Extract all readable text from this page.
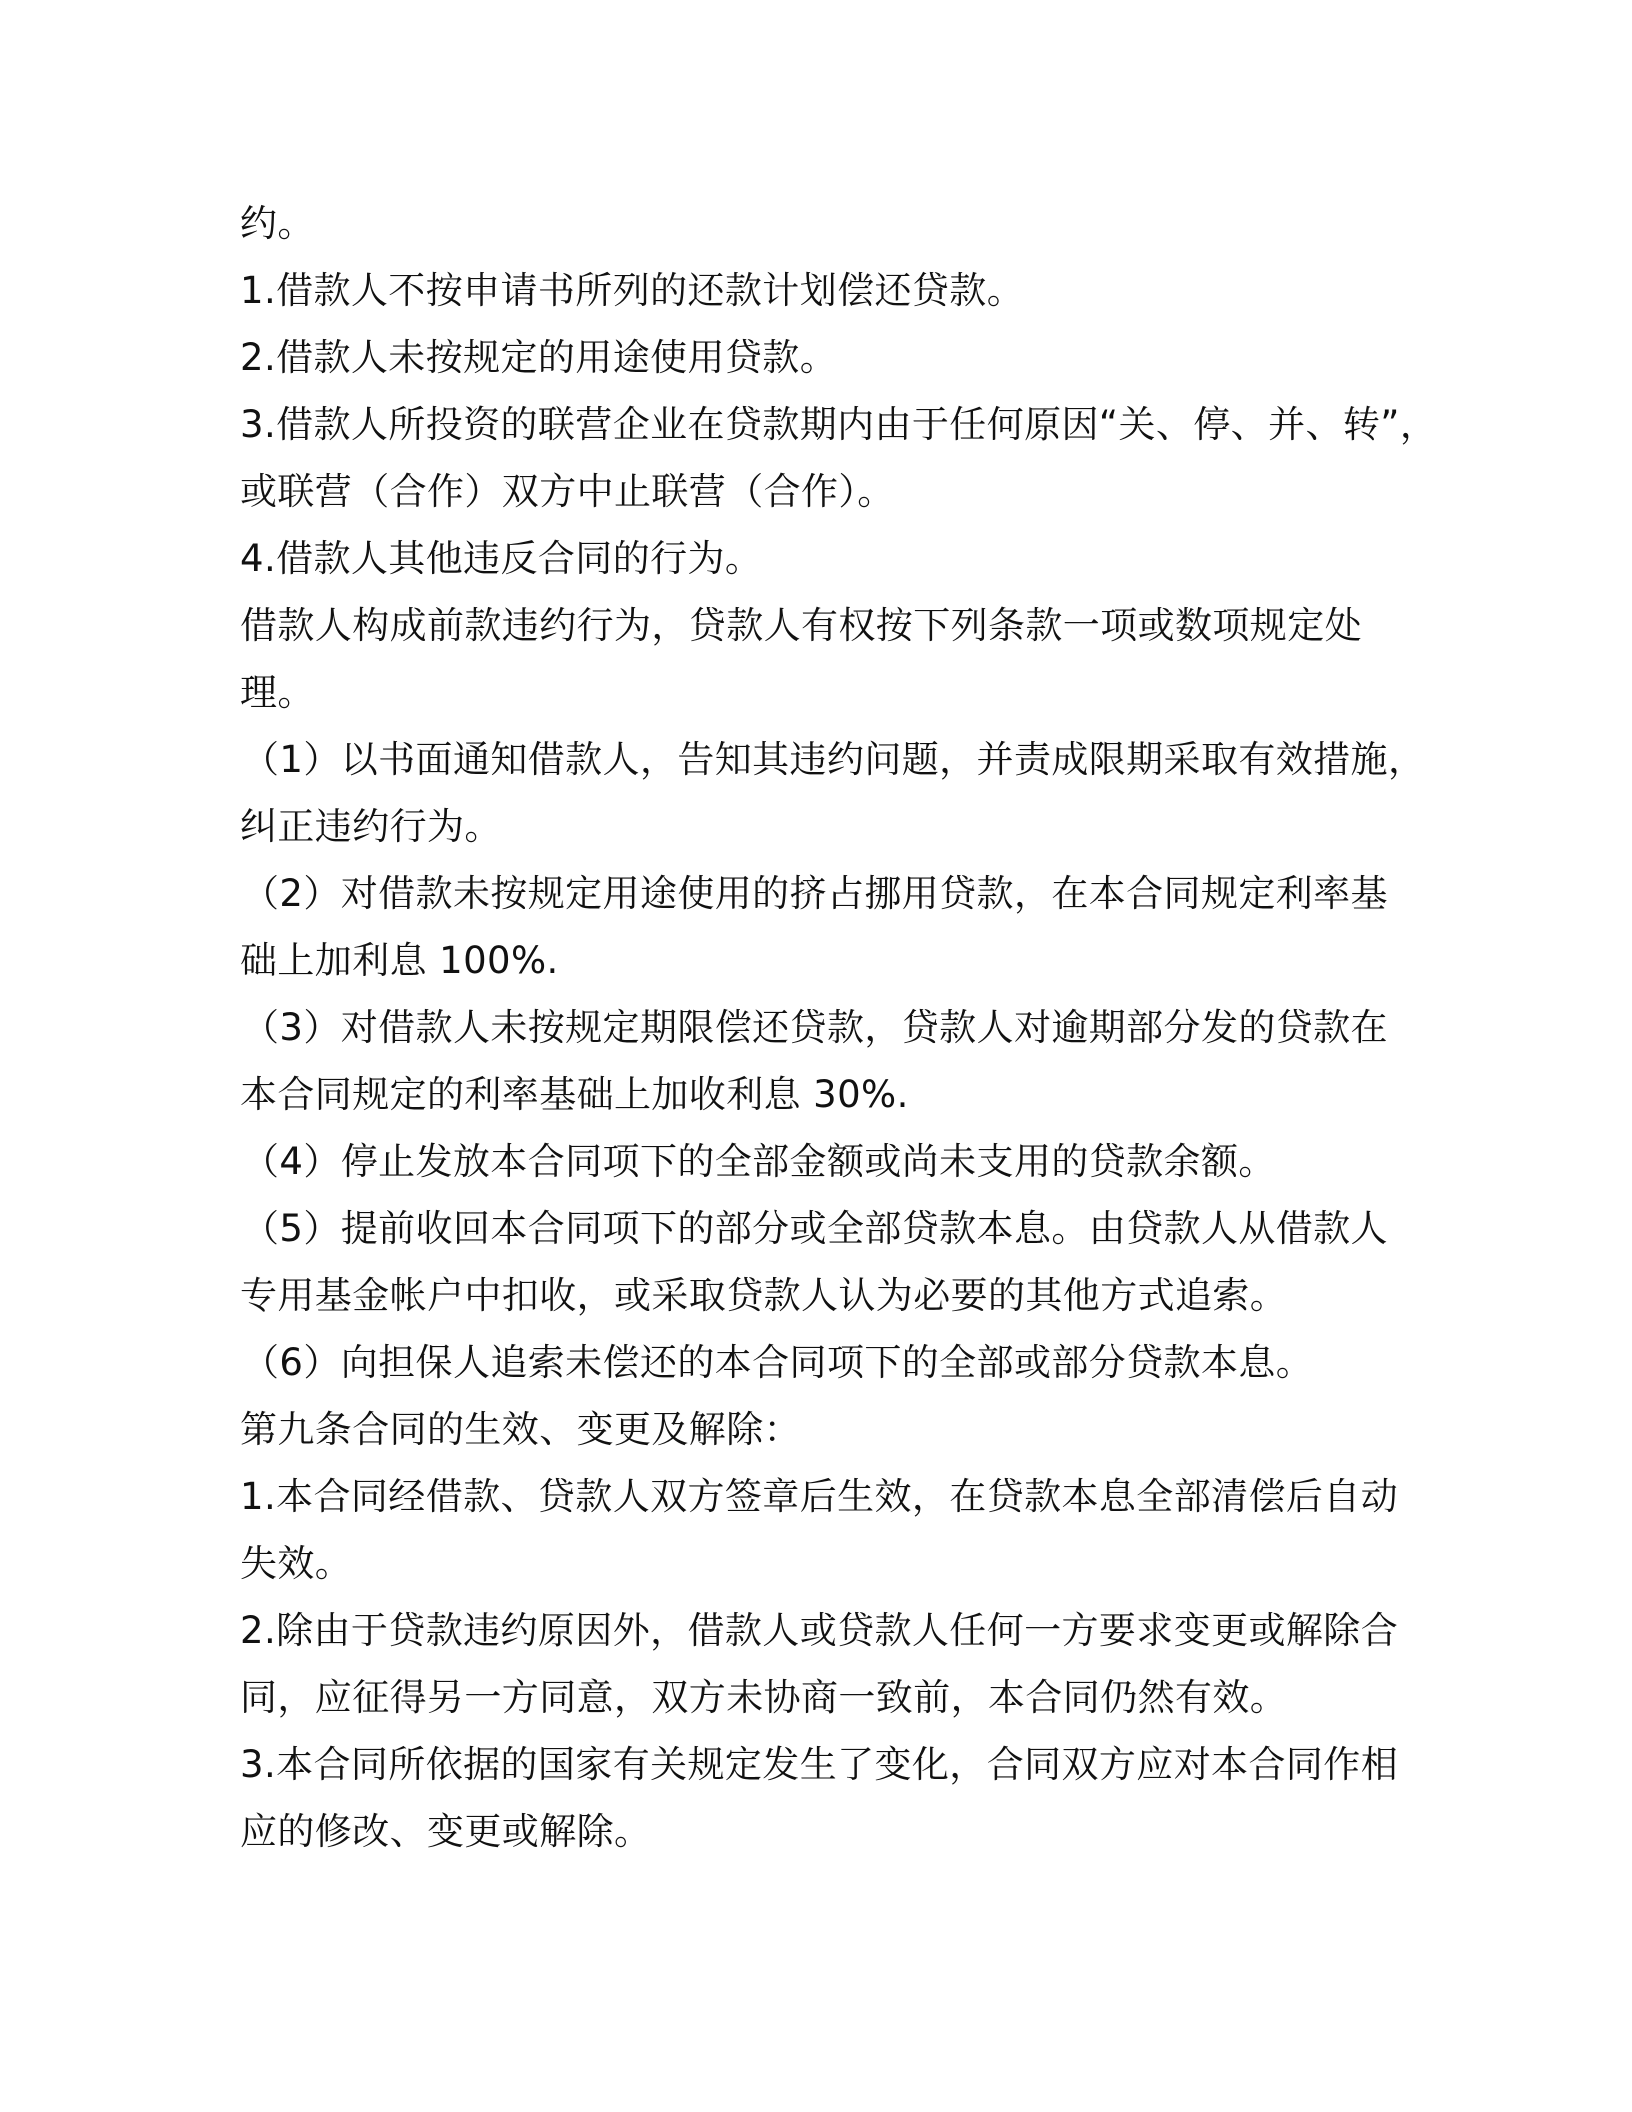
约。
1.借款人不按申请书所列的还款计划偿还贷款。
2.借款人未按规定的用途使用贷款。
3.借款人所投资的联营企业在贷款期内由于任何原因“关、停、并、转”，
或联营（合作）双方中止联营（合作）。
4.借款人其他违反合同的行为。
借款人构成前款违约行为，贷款人有权按下列条款一项或数项规定处
理。
（1）以书面通知借款人，告知其违约问题，并责成限期采取有效措施，
纠正违约行为。
（2）对借款未按规定用途使用的挤占挪用贷款，在本合同规定利率基
础上加利息 100%.
（3）对借款人未按规定期限偿还贷款，贷款人对逾期部分发的贷款在
本合同规定的利率基础上加收利息 30%.
（4）停止发放本合同项下的全部金额或尚未支用的贷款余额。
（5）提前收回本合同项下的部分或全部贷款本息。由贷款人从借款人
专用基金帐户中扣收，或采取贷款人认为必要的其他方式追索。
（6）向担保人追索未偿还的本合同项下的全部或部分贷款本息。
第九条合同的生效、变更及解除：
1.本合同经借款、贷款人双方签章后生效，在贷款本息全部清偿后自动
失效。
2.除由于贷款违约原因外，借款人或贷款人任何一方要求变更或解除合
同，应征得另一方同意，双方未协商一致前，本合同仍然有效。
3.本合同所依据的国家有关规定发生了变化，合同双方应对本合同作相
应的修改、变更或解除。
